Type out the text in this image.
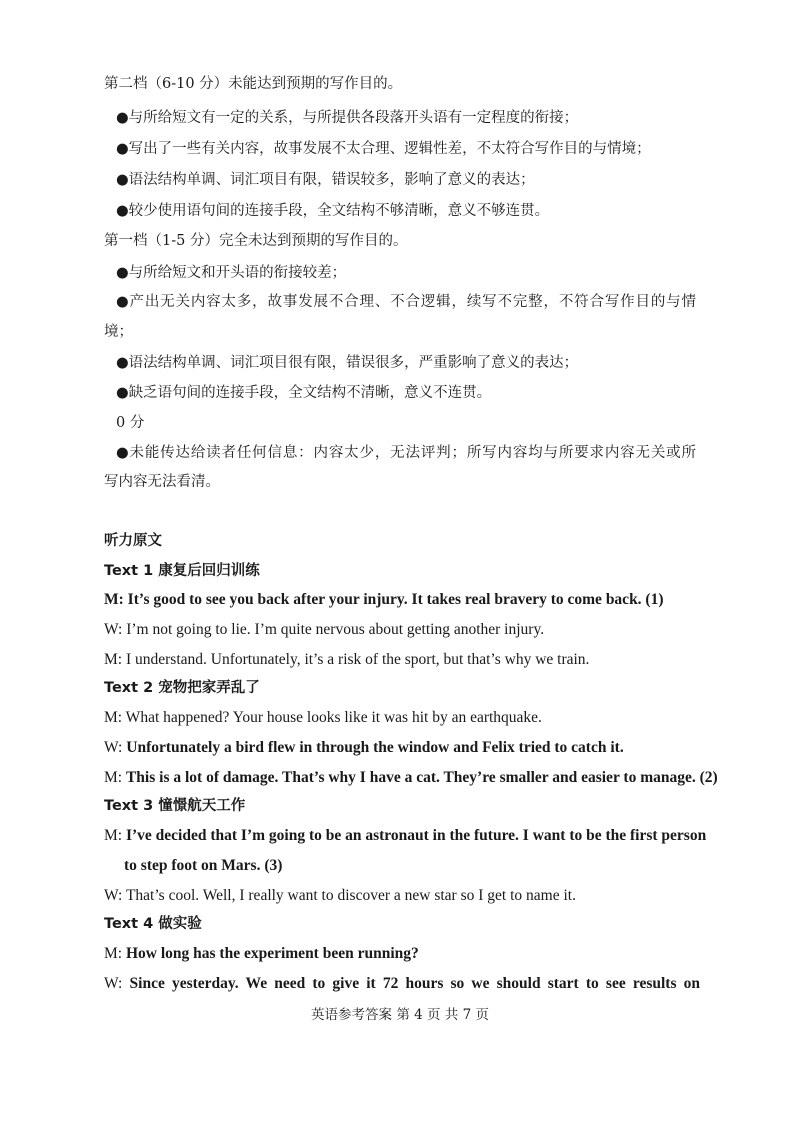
第二档（6-10 分）未能达到预期的写作目的。
●与所给短文有一定的关系，与所提供各段落开头语有一定程度的衔接；
●写出了一些有关内容，故事发展不太合理、逻辑性差，不太符合写作目的与情境；
●语法结构单调、词汇项目有限，错误较多，影响了意义的表达；
●较少使用语句间的连接手段，全文结构不够清晰，意义不够连贯。
第一档（1-5 分）完全未达到预期的写作目的。
●与所给短文和开头语的衔接较差；
●产出无关内容太多，故事发展不合理、不合逻辑，续写不完整，不符合写作目的与情
境；
●语法结构单调、词汇项目很有限，错误很多，严重影响了意义的表达；
●缺乏语句间的连接手段，全文结构不清晰，意义不连贯。
0 分
●未能传达给读者任何信息：内容太少，无法评判；所写内容均与所要求内容无关或所
写内容无法看清。
听力原文
Text 1 康复后回归训练
M: It’s good to see you back after your injury. It takes real bravery to come back. (1)
W: I’m not going to lie. I’m quite nervous about getting another injury.
M: I understand. Unfortunately, it’s a risk of the sport, but that’s why we train.
Text 2 宠物把家弄乱了
M: What happened? Your house looks like it was hit by an earthquake.
W: Unfortunately a bird flew in through the window and Felix tried to catch it.
M: This is a lot of damage. That’s why I have a cat. They’re smaller and easier to manage. (2)
Text 3 憧憬航天工作
M: I’ve decided that I’m going to be an astronaut in the future. I want to be the first person
to step foot on Mars. (3)
W: That’s cool. Well, I really want to discover a new star so I get to name it.
Text 4 做实验
M: How long has the experiment been running?
W: Since yesterday. We need to give it 72 hours so we should start to see results on
英语参考答案 第 4 页 共 7 页
